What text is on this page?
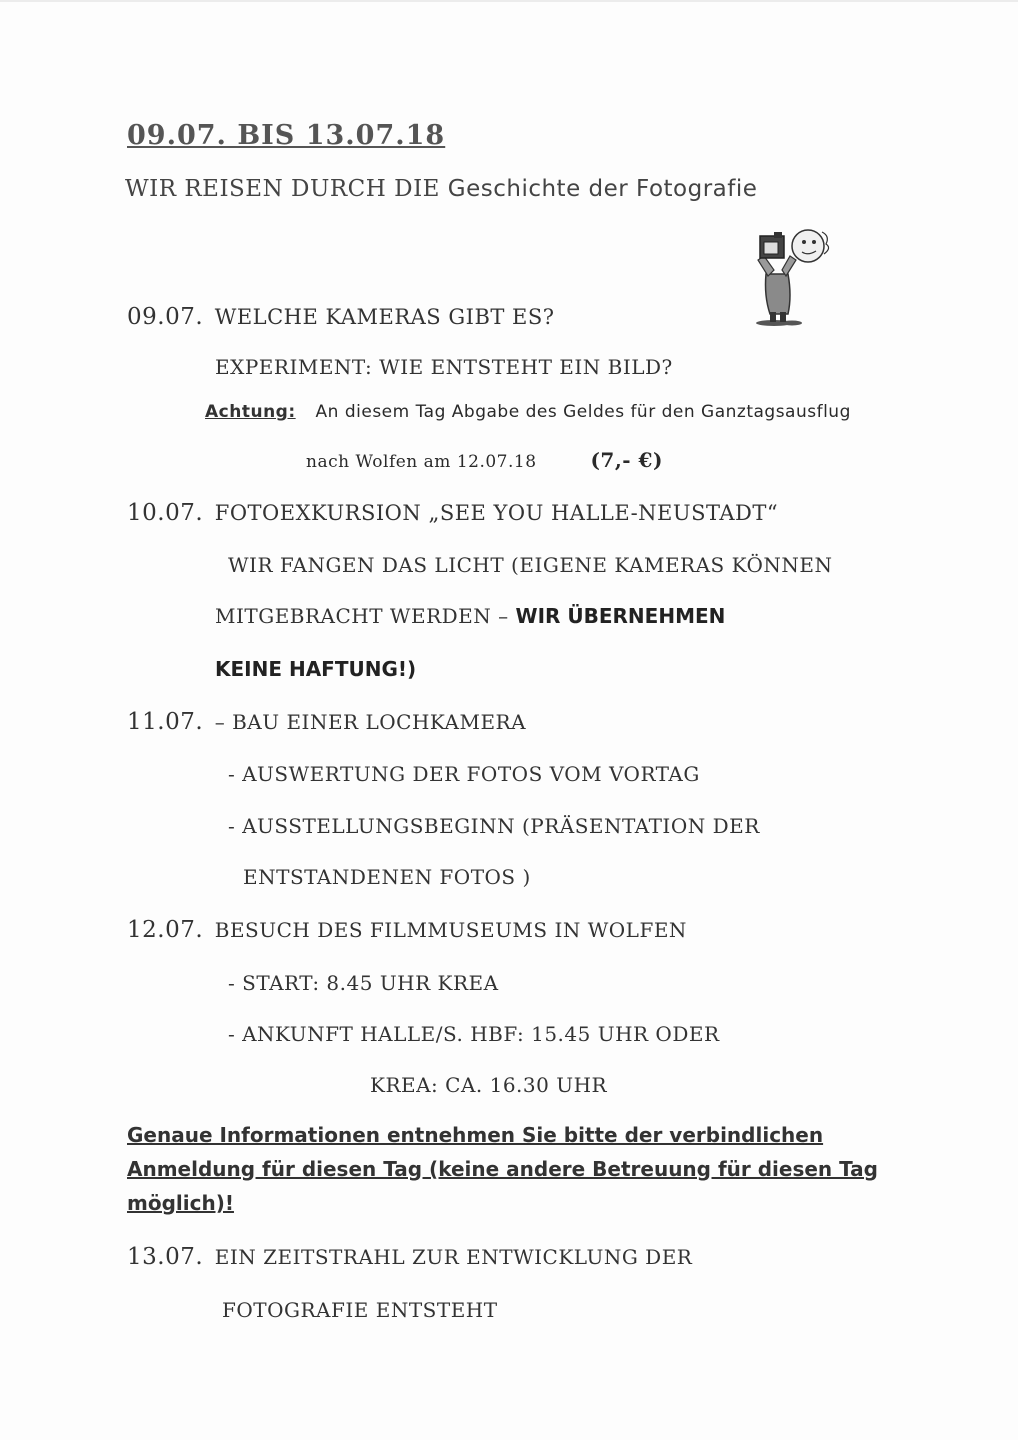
09.07. BIS 13.07.18
WIR REISEN DURCH DIE Geschichte der Fotografie
09.07. WELCHE KAMERAS GIBT ES?
EXPERIMENT: WIE ENTSTEHT EIN BILD?
Achtung: An diesem Tag Abgabe des Geldes für den Ganztagsausflug
nach Wolfen am 12.07.18	(7,- €)
10.07. FOTOEXKURSION „SEE YOU HALLE-NEUSTADT“
WIR FANGEN DAS LICHT (EIGENE KAMERAS KÖNNEN
MITGEBRACHT WERDEN – WIR ÜBERNEHMEN
KEINE HAFTUNG!)
11.07. – BAU EINER LOCHKAMERA
- AUSWERTUNG DER FOTOS VOM VORTAG
- AUSSTELLUNGSBEGINN (PRÄSENTATION DER
ENTSTANDENEN FOTOS )
12.07. BESUCH DES FILMMUSEUMS IN WOLFEN
- START: 8.45 UHR KREA
- ANKUNFT HALLE/S. HBF: 15.45 UHR ODER
KREA: CA. 16.30 UHR
Genaue Informationen entnehmen Sie bitte der verbindlichen Anmeldung für diesen Tag (keine andere Betreuung für diesen Tag möglich)!
13.07. EIN ZEITSTRAHL ZUR ENTWICKLUNG DER
FOTOGRAFIE ENTSTEHT
